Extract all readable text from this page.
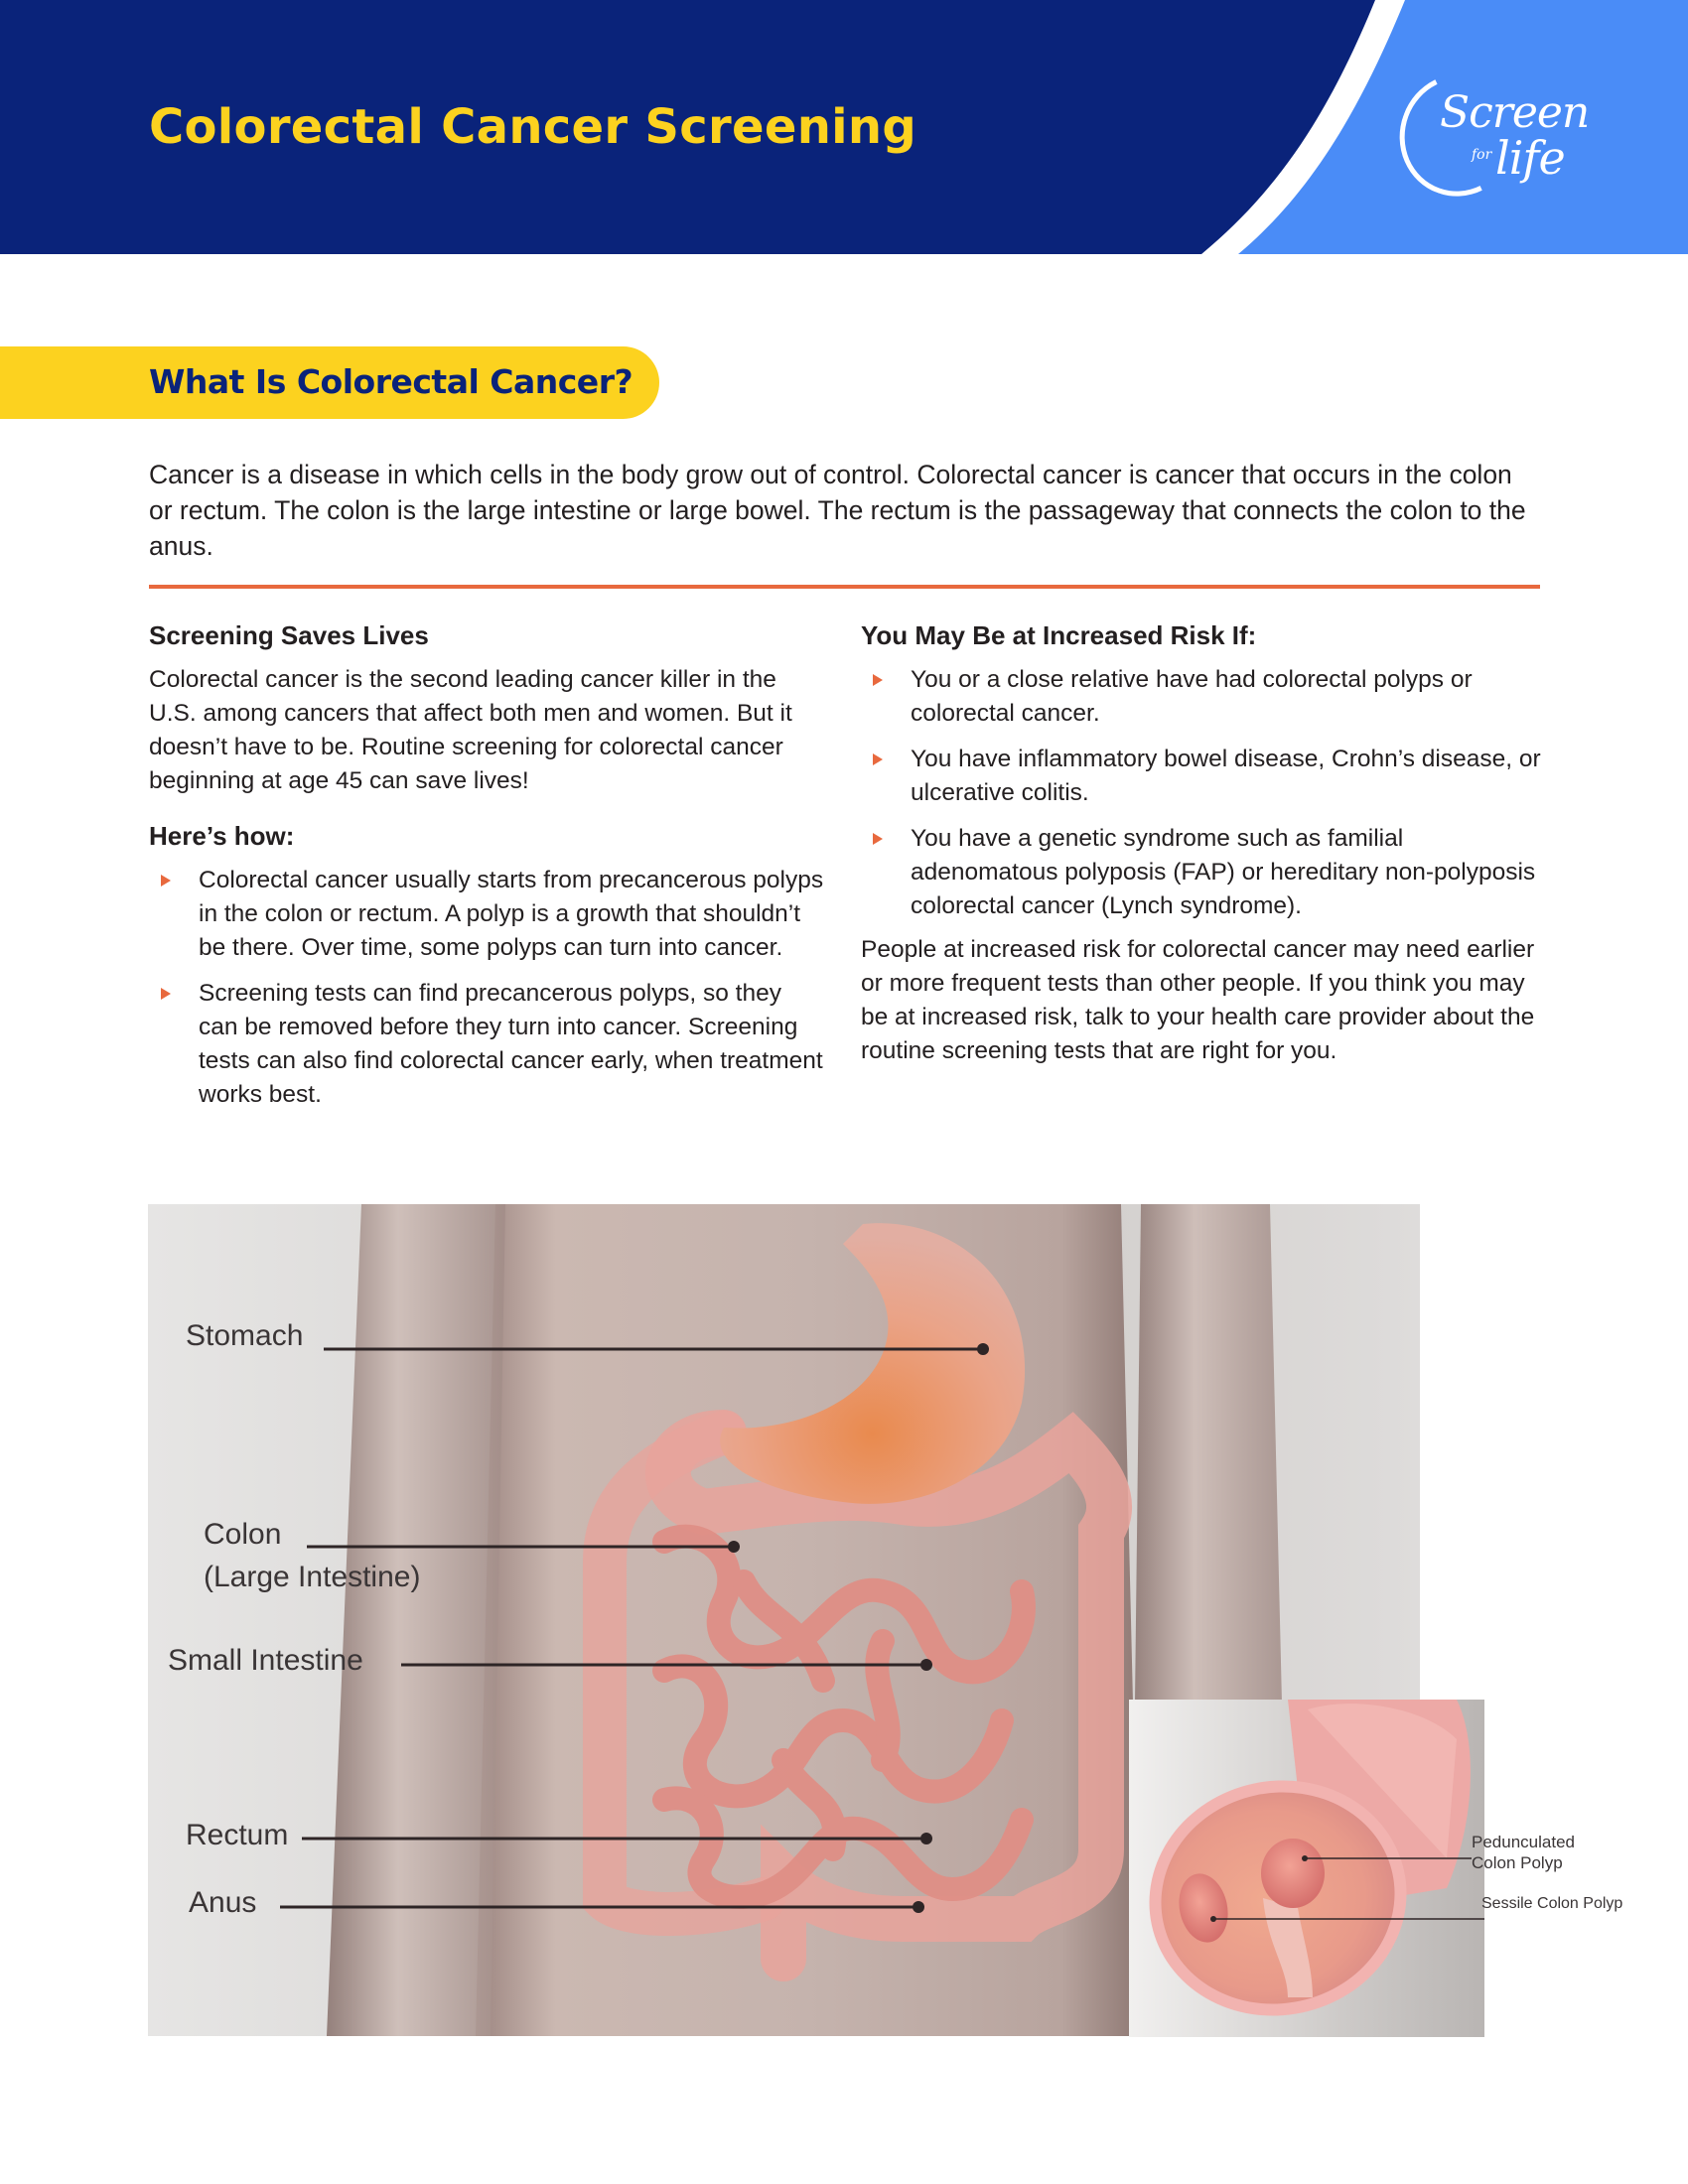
Colorectal Cancer Screening	Screen
for life
What Is Colorectal Cancer?

Cancer is a disease in which cells in the body grow out of control. Colorectal cancer is cancer that occurs in the colon or rectum. The colon is the large intestine or large bowel. The rectum is the passageway that connects the colon to the anus.

Screening Saves Lives

Colorectal cancer is the second leading cancer killer in the U.S. among cancers that affect both men and women. But it doesn’t have to be. Routine screening for colorectal cancer beginning at age 45 can save lives!

Here’s how:
Colorectal cancer usually starts from precancerous polyps in the colon or rectum. A polyp is a growth that shouldn’t be there. Over time, some polyps can turn into cancer.
Screening tests can find precancerous polyps, so they can be removed before they turn into cancer. Screening tests can also find colorectal cancer early, when treatment works best.
You May Be at Increased Risk If:
You or a close relative have had colorectal polyps or colorectal cancer.
You have inflammatory bowel disease, Crohn’s disease, or ulcerative colitis.
You have a genetic syndrome such as familial adenomatous polyposis (FAP) or hereditary non-polyposis colorectal cancer (Lynch syndrome).

People at increased risk for colorectal cancer may need earlier or more frequent tests than other people. If you think you may be at increased risk, talk to your health care provider about the routine screening tests that are right for you.

Stomach
Colon
(Large Intestine)
Small Intestine
Rectum
Anus
Pedunculated
Colon Polyp
Sessile Colon Polyp
